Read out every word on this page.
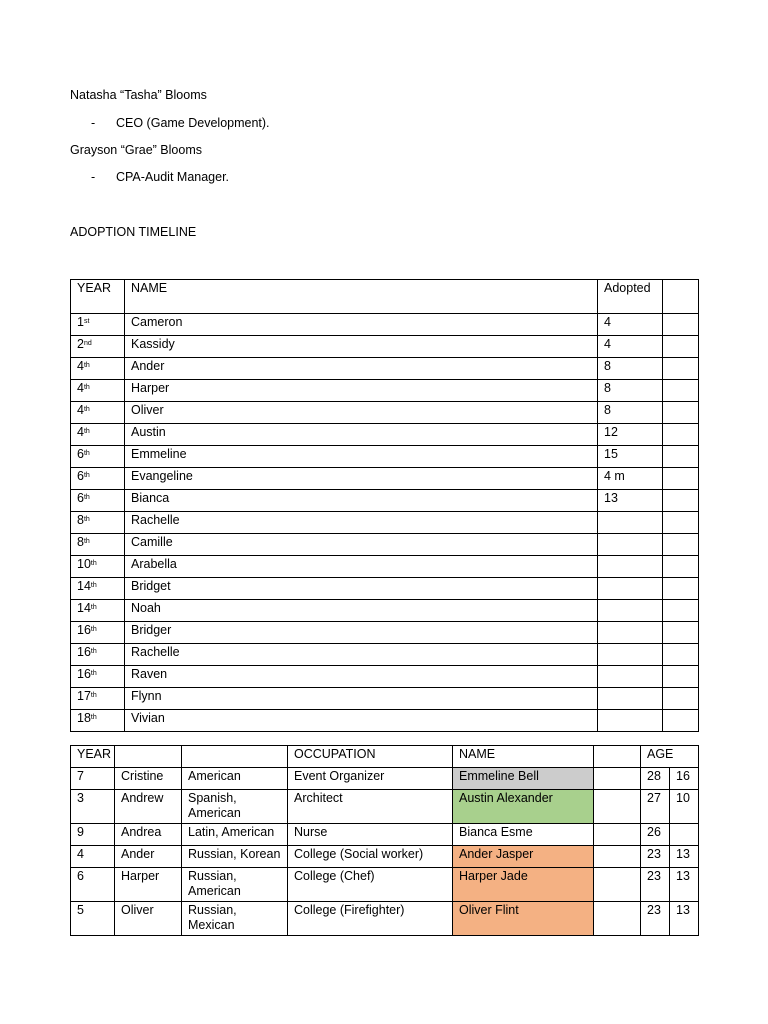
Natasha “Tasha” Blooms
- CEO (Game Development).
Grayson “Grae” Blooms
- CPA-Audit Manager.
ADOPTION TIMELINE
YEAR	NAME	Adopted	
1st	Cameron	4	
2nd	Kassidy	4	
4th	Ander	8	
4th	Harper	8	
4th	Oliver	8	
4th	Austin	12	
6th	Emmeline	15	
6th	Evangeline	4 m	
6th	Bianca	13	
8th	Rachelle		
8th	Camille		
10th	Arabella		
14th	Bridget		
14th	Noah		
16th	Bridger		
16th	Rachelle		
16th	Raven		
17th	Flynn		
18th	Vivian		
YEAR			OCCUPATION	NAME		AGE	
7	Cristine	American	Event Organizer	Emmeline Bell		28	16
3	Andrew	Spanish, American	Architect	Austin Alexander		27	10
9	Andrea	Latin, American	Nurse	Bianca Esme		26	
4	Ander	Russian, Korean	College (Social worker)	Ander Jasper		23	13
6	Harper	Russian, American	College (Chef)	Harper Jade		23	13
5	Oliver	Russian, Mexican	College (Firefighter)	Oliver Flint		23	13
